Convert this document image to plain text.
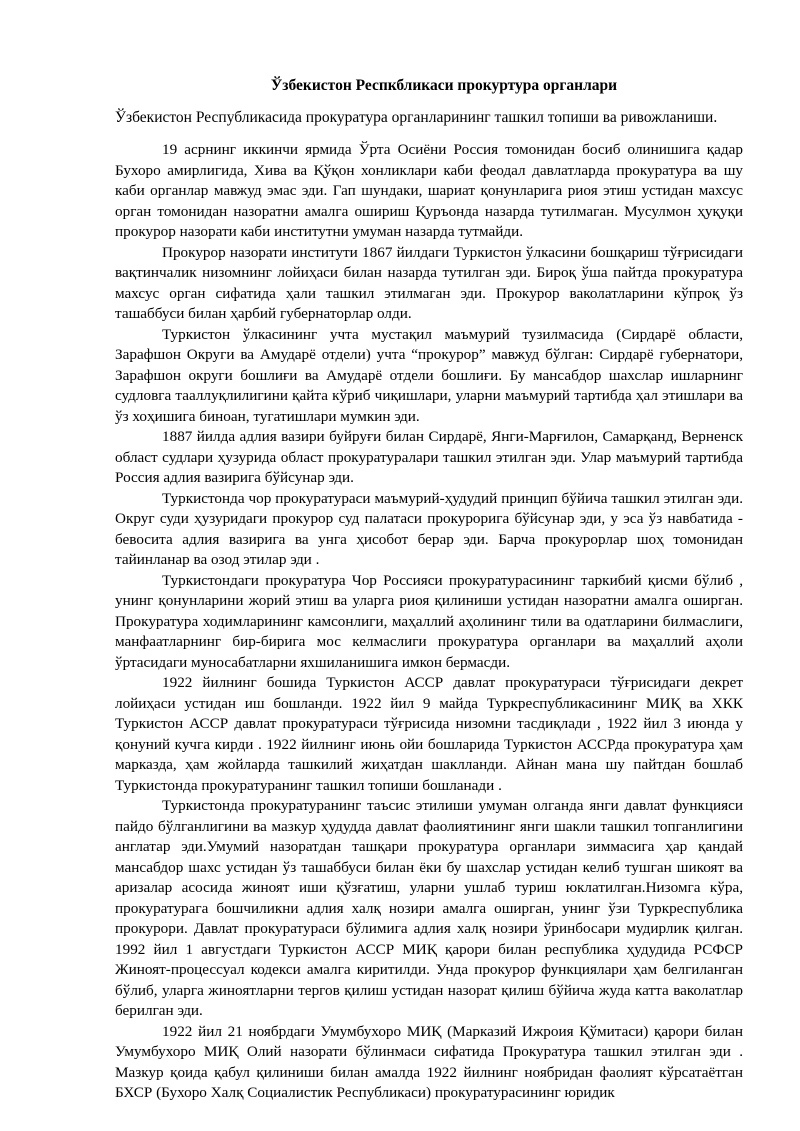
Ўзбекистон Респкбликаси прокуртура органлари

Ўзбекистон Республикасида прокуратура органларининг ташкил топиши ва ривожланиши.

19 асрнинг иккинчи ярмида Ўрта Осиёни Россия томонидан босиб олинишига қадар Бухоро амирлигида, Хива ва Қўқон хонликлари каби феодал давлатларда прокуратура ва шу каби органлар мавжуд эмас эди. Гап шундаки, шариат қонунларига риоя этиш устидан махсус орган томонидан назоратни амалга ошириш Қуръонда назарда тутилмаган. Мусулмон ҳуқуқи прокурор назорати каби институтни умуман назарда тутмайди.

Прокурор назорати институти 1867 йилдаги Туркистон ўлкасини бошқариш тўғрисидаги вақтинчалик низомнинг лойиҳаси билан назарда тутилган эди. Бироқ ўша пайтда прокуратура махсус орган сифатида ҳали ташкил этилмаган эди. Прокурор ваколатларини кўпроқ ўз ташаббуси билан ҳарбий губернаторлар олди.

Туркистон ўлкасининг учта мустақил маъмурий тузилмасида (Сирдарё области, Зарафшон Округи ва Амударё отдели) учта “прокурор” мавжуд бўлган: Сирдарё губернатори, Зарафшон округи бошлиғи ва Амударё отдели бошлиғи. Бу мансабдор шахслар ишларнинг судловга тааллуқлилигини қайта кўриб чиқишлари, уларни маъмурий тартибда ҳал этишлари ва ўз хоҳишига биноан, тугатишлари мумкин эди.

1887 йилда адлия вазири буйруғи билан Сирдарё, Янги-Марғилон, Самарқанд, Верненск област судлари ҳузурида област прокуратуралари ташкил этилган эди. Улар маъмурий тартибда Россия адлия вазирига бўйсунар эди.

Туркистонда чор прокуратураси маъмурий-ҳудудий принцип бўйича ташкил этилган эди. Округ суди ҳузуридаги прокурор суд палатаси прокурорига бўйсунар эди, у эса ўз навбатида - бевосита адлия вазирига ва унга ҳисобот берар эди. Барча прокурорлар шоҳ томонидан тайинланар ва озод этилар эди .

Туркистондаги прокуратура Чор Россияси прокуратурасининг таркибий қисми бўлиб , унинг қонунларини жорий этиш ва уларга риоя қилиниши устидан назоратни амалга оширган. Прокуратура ходимларининг камсонлиги, маҳаллий аҳолининг тили ва одатларини билмаслиги, манфаатларнинг бир-бирига мос келмаслиги прокуратура органлари ва маҳаллий аҳоли ўртасидаги муносабатларни яхшиланишига имкон бермасди.

1922 йилнинг бошида Туркистон АССР давлат прокуратураси тўғрисидаги декрет лойиҳаси устидан иш бошланди. 1922 йил 9 майда Туркреспубликасининг МИҚ ва ХКК Туркистон АССР давлат прокуратураси тўғрисида низомни тасдиқлади , 1922 йил 3 июнда у қонуний кучга кирди . 1922 йилнинг июнь ойи бошларида Туркистон АССРда прокуратура ҳам марказда, ҳам жойларда ташкилий жиҳатдан шаклланди. Айнан мана шу пайтдан бошлаб Туркистонда прокуратуранинг ташкил топиши бошланади .

Туркистонда прокуратуранинг таъсис этилиши умуман олганда янги давлат функцияси пайдо бўлганлигини ва мазкур ҳудудда давлат фаолиятининг янги шакли ташкил топганлигини англатар эди.Умумий назоратдан ташқари прокуратура органлари зиммасига ҳар қандай мансабдор шахс устидан ўз ташаббуси билан ёки бу шахслар устидан келиб тушган шикоят ва аризалар асосида жиноят иши қўзғатиш, уларни ушлаб туриш юклатилган.Низомга кўра, прокуратурага бошчиликни адлия халқ нозири амалга оширган, унинг ўзи Туркреспублика прокурори. Давлат прокуратураси бўлимига адлия халқ нозири ўринбосари мудирлик қилган. 1992 йил 1 августдаги Туркистон АССР МИҚ қарори билан республика ҳудудида РСФСР Жиноят-процессуал кодекси амалга киритилди. Унда прокурор функциялари ҳам белгиланган бўлиб, уларга жиноятларни тергов қилиш устидан назорат қилиш бўйича жуда катта ваколатлар берилган эди.

1922 йил 21 ноябрдаги Умумбухоро МИҚ (Марказий Ижроия Қўмитаси) қарори билан Умумбухоро МИҚ Олий назорати бўлинмаси сифатида Прокуратура ташкил этилган эди . Мазкур қоида қабул қилиниши билан амалда 1922 йилнинг ноябридан фаолият кўрсатаётган БХСР (Бухоро Халқ Социалистик Республикаси) прокуратурасининг юридик
